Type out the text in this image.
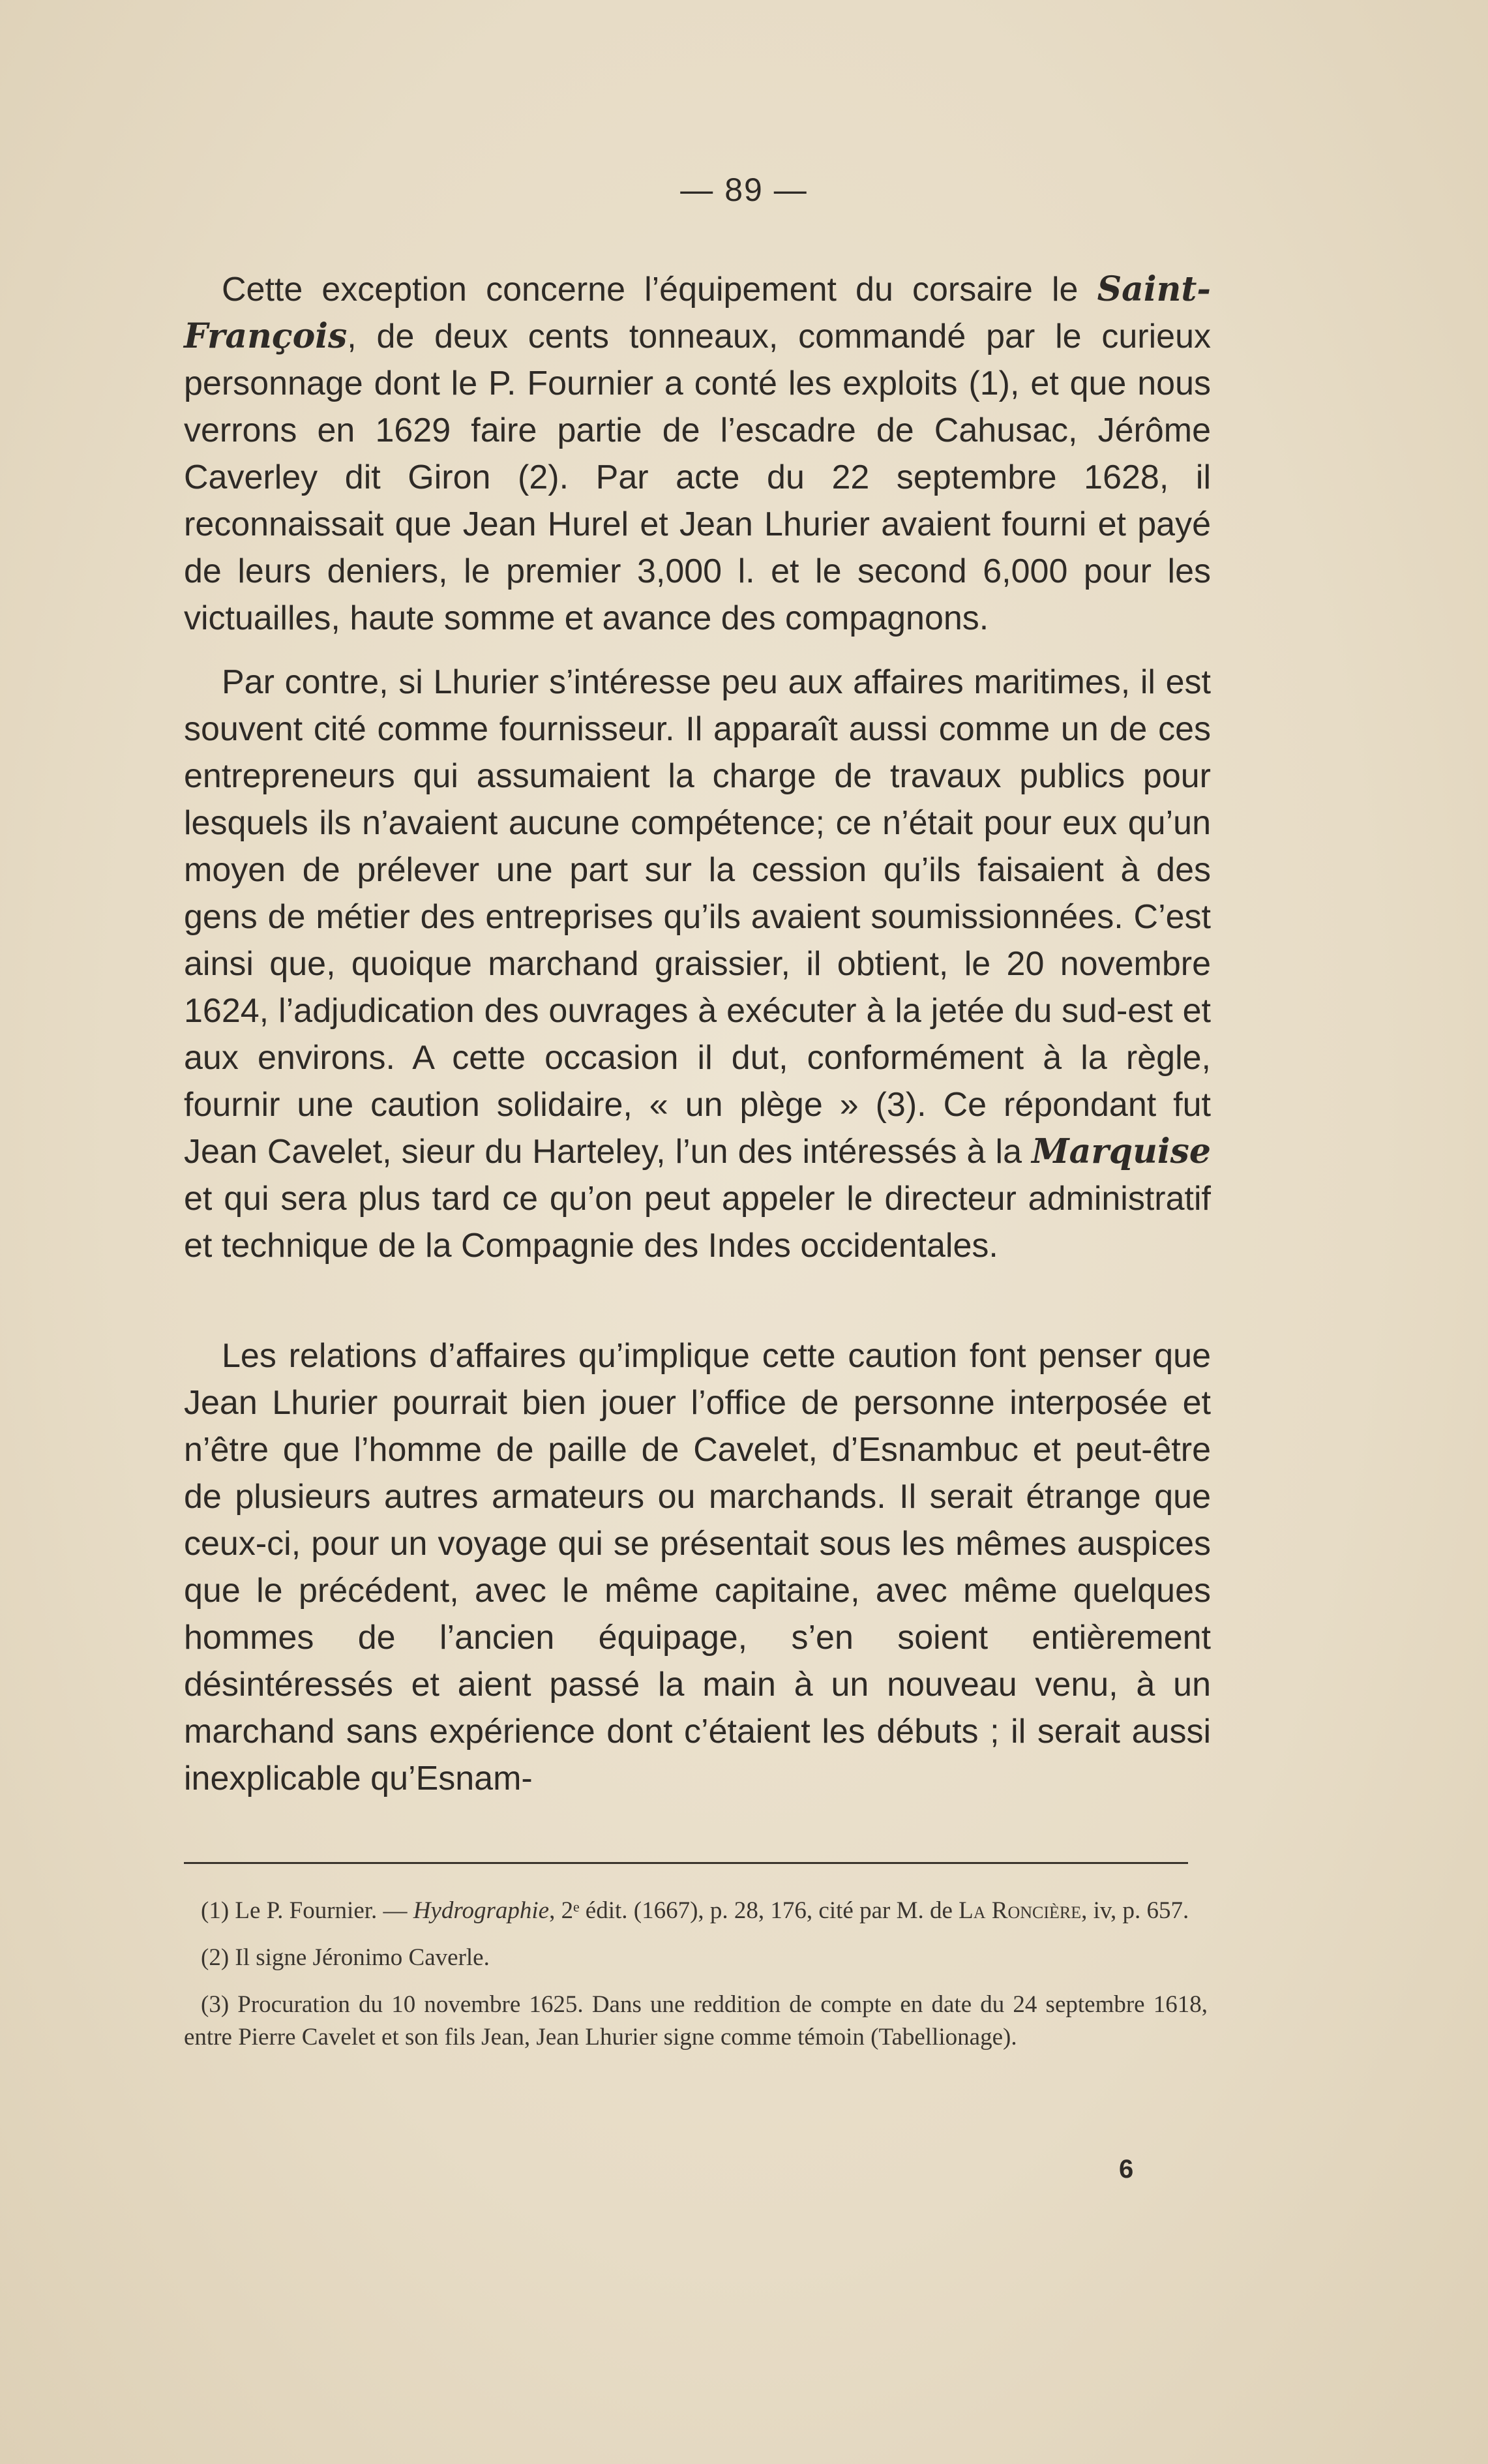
— 89 —

Cette exception concerne l’équipement du corsaire le Saint-François, de deux cents tonneaux, commandé par le curieux personnage dont le P. Fournier a conté les exploits (1), et que nous verrons en 1629 faire partie de l’escadre de Cahusac, Jérôme Caverley dit Giron (2). Par acte du 22 septembre 1628, il reconnaissait que Jean Hurel et Jean Lhurier avaient fourni et payé de leurs deniers, le premier 3,000 l. et le second 6,000 pour les victuailles, haute somme et avance des compagnons.

Par contre, si Lhurier s’intéresse peu aux affaires maritimes, il est souvent cité comme fournisseur. Il apparaît aussi comme un de ces entrepreneurs qui assumaient la charge de travaux publics pour lesquels ils n’avaient aucune compétence; ce n’était pour eux qu’un moyen de prélever une part sur la cession qu’ils faisaient à des gens de métier des entreprises qu’ils avaient soumissionnées. C’est ainsi que, quoique marchand graissier, il obtient, le 20 novembre 1624, l’adjudication des ouvrages à exécuter à la jetée du sud-est et aux environs. A cette occasion il dut, conformément à la règle, fournir une caution solidaire, « un plège » (3). Ce répondant fut Jean Cavelet, sieur du Harteley, l’un des intéressés à la Marquise et qui sera plus tard ce qu’on peut appeler le directeur administratif et technique de la Compagnie des Indes occidentales.

Les relations d’affaires qu’implique cette caution font penser que Jean Lhurier pourrait bien jouer l’office de personne interposée et n’être que l’homme de paille de Cavelet, d’Esnambuc et peut-être de plusieurs autres armateurs ou marchands. Il serait étrange que ceux-ci, pour un voyage qui se présentait sous les mêmes auspices que le précédent, avec le même capitaine, avec même quelques hommes de l’ancien équipage, s’en soient entièrement désintéressés et aient passé la main à un nouveau venu, à un marchand sans expérience dont c’étaient les débuts ; il serait aussi inexplicable qu’Esnam-

(1) Le P. Fournier. — Hydrographie, 2ᵉ édit. (1667), p. 28, 176, cité par M. de La Roncière, iv, p. 657.

(2) Il signe Jéronimo Caverle.

(3) Procuration du 10 novembre 1625. Dans une reddition de compte en date du 24 septembre 1618, entre Pierre Cavelet et son fils Jean, Jean Lhurier signe comme témoin (Tabellionage).

6
